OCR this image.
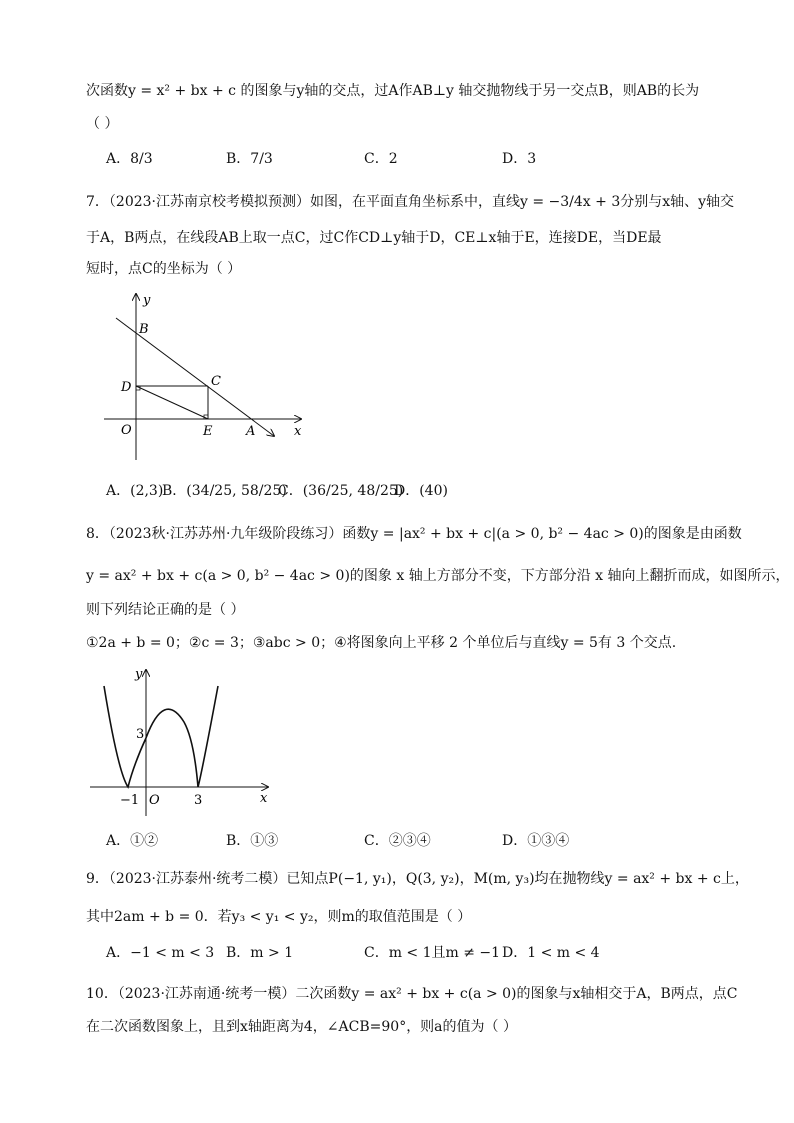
次函数y = x² + bx + c 的图象与y轴的交点，过A作AB⊥y 轴交抛物线于另一交点B，则AB的长为
（ ）
A．8/3	B．7/3	C．2	D．3
7．（2023·江苏南京校考模拟预测）如图，在平面直角坐标系中，直线y = −3/4x + 3分别与x轴、y轴交
于A，B两点，在线段AB上取一点C，过C作CD⊥y轴于D，CE⊥x轴于E，连接DE，当DE最
短时，点C的坐标为（ ）
y
B
C
D
O	E	A	x
A．(2,3)
B．(34/25, 58/25)
C．(36/25, 48/25)
D．(40)
8．（2023秋·江苏苏州·九年级阶段练习）函数y = |ax² + bx + c|(a > 0, b² − 4ac > 0)的图象是由函数
y = ax² + bx + c(a > 0, b² − 4ac > 0)的图象 x 轴上方部分不变，下方部分沿 x 轴向上翻折而成，如图所示，
则下列结论正确的是（ ）
①2a + b = 0；②c = 3；③abc > 0；④将图象向上平移 2 个单位后与直线y = 5有 3 个交点.
y
3
−1 O	3	x
A．①②	B．①③	C．②③④	D．①③④
9．（2023·江苏泰州·统考二模）已知点P(−1, y₁)，Q(3, y₂)，M(m, y₃)均在抛物线y = ax² + bx + c上，
其中2am + b = 0．若y₃ < y₁ < y₂，则m的取值范围是（ ）
A．−1 < m < 3 B．m > 1	C．m < 1且m ≠ −1 D．1 < m < 4
10．（2023·江苏南通·统考一模）二次函数y = ax² + bx + c(a > 0)的图象与x轴相交于A，B两点，点C
在二次函数图象上，且到x轴距离为4，∠ACB=90°，则a的值为（ ）
